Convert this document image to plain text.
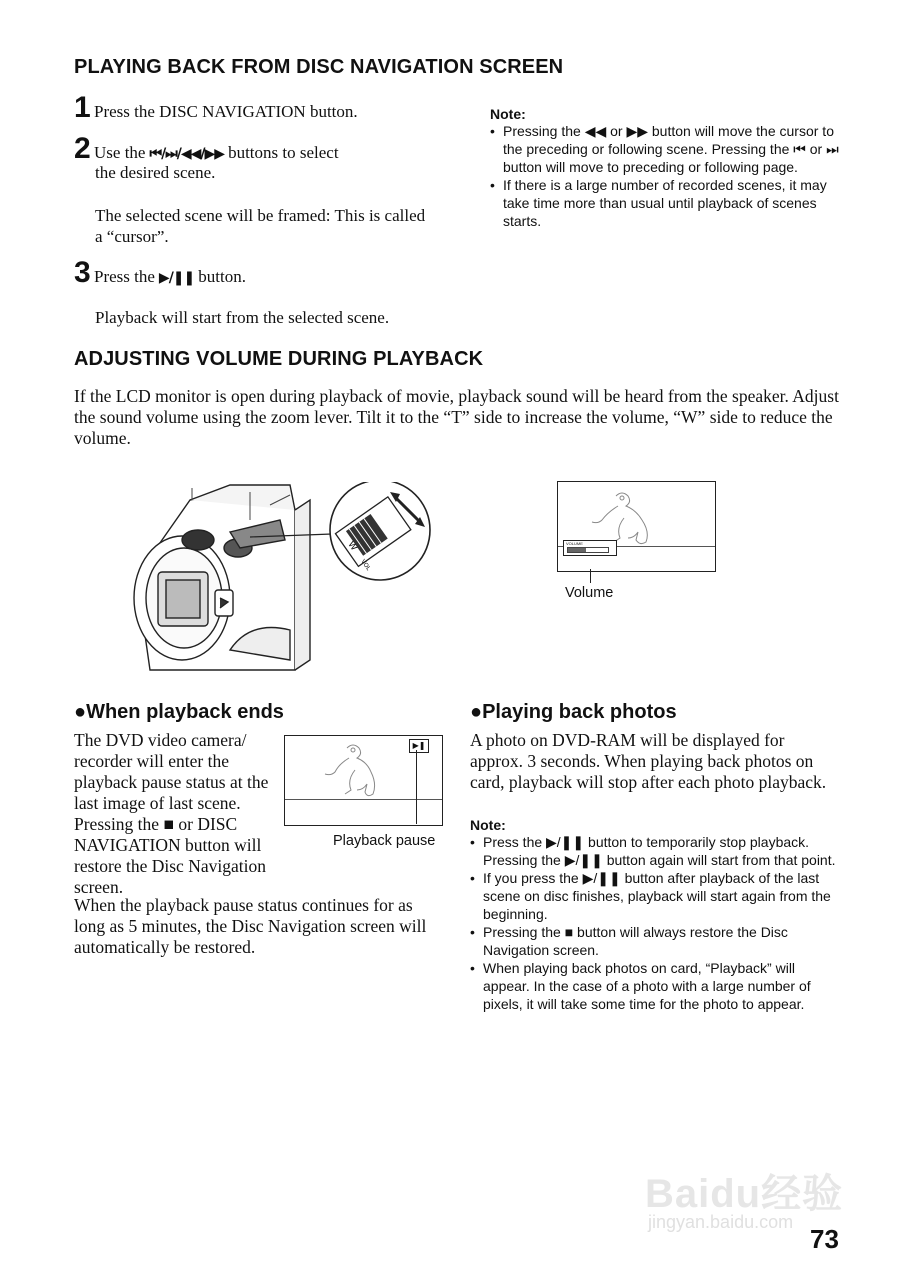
PLAYING BACK FROM DISC NAVIGATION SCREEN
1 Press the DISC NAVIGATION button.
2 Use the ⏮/⏭/◀◀/▶▶ buttons to select
the desired scene.
The selected scene will be framed: This is called a “cursor”.
3 Press the ▶/❚❚ button.
Playback will start from the selected scene.
Note:
• Pressing the ◀◀ or ▶▶ button will move the cursor to the preceding or following scene. Pressing the ⏮ or ⏭ button will move to preceding or following page.
• If there is a large number of recorded scenes, it may take time more than usual until playback of scenes starts.
ADJUSTING VOLUME DURING PLAYBACK
If the LCD monitor is open during playback of movie, playback sound will be heard from the speaker. Adjust the sound volume using the zoom lever. Tilt it to the “T” side to increase the volume, “W” side to reduce the volume.
W
VOL
VOLUME
Volume
●When playback ends
The DVD video camera/ recorder will enter the playback pause status at the last image of last scene. Pressing the ■ or DISC NAVIGATION button will restore the Disc Navigation screen.
When the playback pause status continues for as long as 5 minutes, the Disc Navigation screen will automatically be restored.
▶❚
Playback pause
●Playing back photos
A photo on DVD-RAM will be displayed for approx. 3 seconds. When playing back photos on card, playback will stop after each photo playback.
Note:
• Press the ▶/❚❚ button to temporarily stop playback. Pressing the ▶/❚❚ button again will start from that point.
• If you press the ▶/❚❚ button after playback of the last scene on disc finishes, playback will start again from the beginning.
• Pressing the ■ button will always restore the Disc Navigation screen.
• When playing back photos on card, “Playback” will appear. In the case of a photo with a large number of pixels, it will take some time for the photo to appear.
Baidu经验
jingyan.baidu.com
73
